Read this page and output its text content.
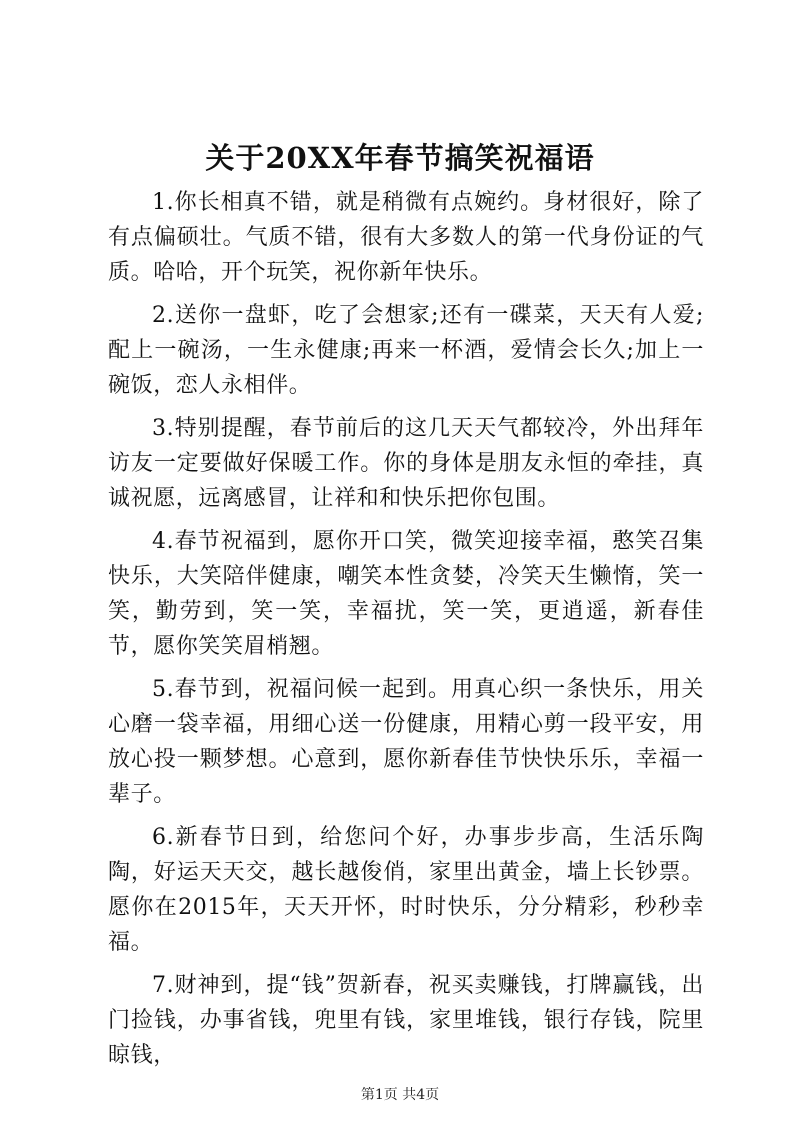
关于20XX年春节搞笑祝福语

1.你长相真不错，就是稍微有点婉约。身材很好，除了有点偏硕壮。气质不错，很有大多数人的第一代身份证的气质。哈哈，开个玩笑，祝你新年快乐。

2.送你一盘虾，吃了会想家;还有一碟菜，天天有人爱;配上一碗汤，一生永健康;再来一杯酒，爱情会长久;加上一碗饭，恋人永相伴。

3.特别提醒，春节前后的这几天天气都较冷，外出拜年访友一定要做好保暖工作。你的身体是朋友永恒的牵挂，真诚祝愿，远离感冒，让祥和和快乐把你包围。

4.春节祝福到，愿你开口笑，微笑迎接幸福，憨笑召集快乐，大笑陪伴健康，嘲笑本性贪婪，冷笑天生懒惰，笑一笑，勤劳到，笑一笑，幸福扰，笑一笑，更逍遥，新春佳节，愿你笑笑眉梢翘。

5.春节到，祝福问候一起到。用真心织一条快乐，用关心磨一袋幸福，用细心送一份健康，用精心剪一段平安，用放心投一颗梦想。心意到，愿你新春佳节快快乐乐，幸福一辈子。

6.新春节日到，给您问个好，办事步步高，生活乐陶陶，好运天天交，越长越俊俏，家里出黄金，墙上长钞票。愿你在2015年，天天开怀，时时快乐，分分精彩，秒秒幸福。

7.财神到，提“钱”贺新春，祝买卖赚钱，打牌赢钱，出门捡钱，办事省钱，兜里有钱，家里堆钱，银行存钱，院里晾钱，

第1页 共4页
